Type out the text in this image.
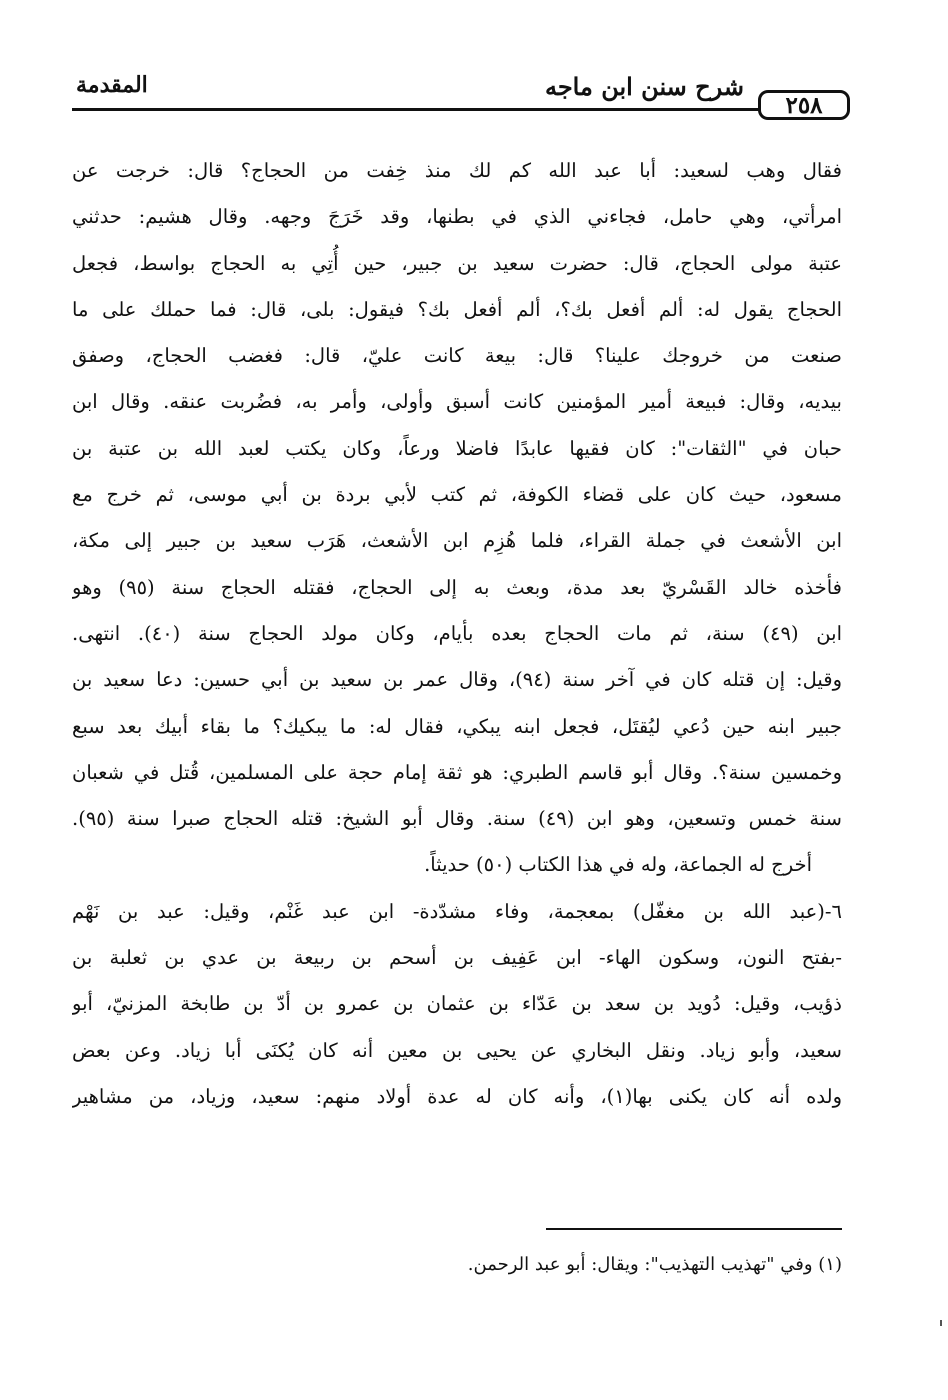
المقدمة	شرح سنن ابن ماجه
٢٥٨
فقال وهب لسعيد: أبا عبد الله كم لك منذ خِفت من الحجاج؟ قال: خرجت عن
امرأتي، وهي حامل، فجاءني الذي في بطنها، وقد خَرَجَ وجهه. وقال هشيم: حدثني
عتبة مولى الحجاج، قال: حضرت سعيد بن جبير، حين أُتِي به الحجاج بواسط، فجعل
الحجاج يقول له: ألم أفعل بك؟، ألم أفعل بك؟ فيقول: بلى، قال: فما حملك على ما
صنعت من خروجك علينا؟ قال: بيعة كانت عليّ، قال: فغضب الحجاج، وصفق
بيديه، وقال: فبيعة أمير المؤمنين كانت أسبق وأولى، وأمر به، فضُربت عنقه. وقال ابن
حبان في "الثقات": كان فقيها عابدًا فاضلا ورعاً، وكان يكتب لعبد الله بن عتبة بن
مسعود، حيث كان على قضاء الكوفة، ثم كتب لأبي بردة بن أبي موسى، ثم خرج مع
ابن الأشعث في جملة القراء، فلما هُزِم ابن الأشعث، هَرَب سعيد بن جبير إلى مكة،
فأخذه خالد القَسْريّ بعد مدة، وبعث به إلى الحجاج، فقتله الحجاج سنة (٩٥) وهو
ابن (٤٩) سنة، ثم مات الحجاج بعده بأيام، وكان مولد الحجاج سنة (٤٠). انتهى.
وقيل: إن قتله كان في آخر سنة (٩٤)، وقال عمر بن سعيد بن أبي حسين: دعا سعيد بن
جبير ابنه حين دُعي ليُقتَل، فجعل ابنه يبكي، فقال له: ما يبكيك؟ ما بقاء أبيك بعد سبع
وخمسين سنة؟. وقال أبو قاسم الطبري: هو ثقة إمام حجة على المسلمين، قُتل في شعبان
سنة خمس وتسعين، وهو ابن (٤٩) سنة. وقال أبو الشيخ: قتله الحجاج صبرا سنة (٩٥).
أخرج له الجماعة، وله في هذا الكتاب (٥٠) حديثاً.
٦-(عبد الله بن مغفّل) بمعجمة، وفاء مشدّدة- ابن عبد غَنْم، وقيل: عبد بن نَهْم
-بفتح النون، وسكون الهاء- ابن عَفِيف بن أسحم بن ربيعة بن عدي بن ثعلبة بن
ذؤيب، وقيل: دُويد بن سعد بن عَدّاء بن عثمان بن عمرو بن أدّ بن طابخة المزنيّ، أبو
سعيد، وأبو زياد. ونقل البخاري عن يحيى بن معين أنه كان يُكنَى أبا زياد. وعن بعض
ولده أنه كان يكنى بها(١)، وأنه كان له عدة أولاد منهم: سعيد، وزياد، من مشاهير
(١) وفي "تهذيب التهذيب": ويقال: أبو عبد الرحمن.
